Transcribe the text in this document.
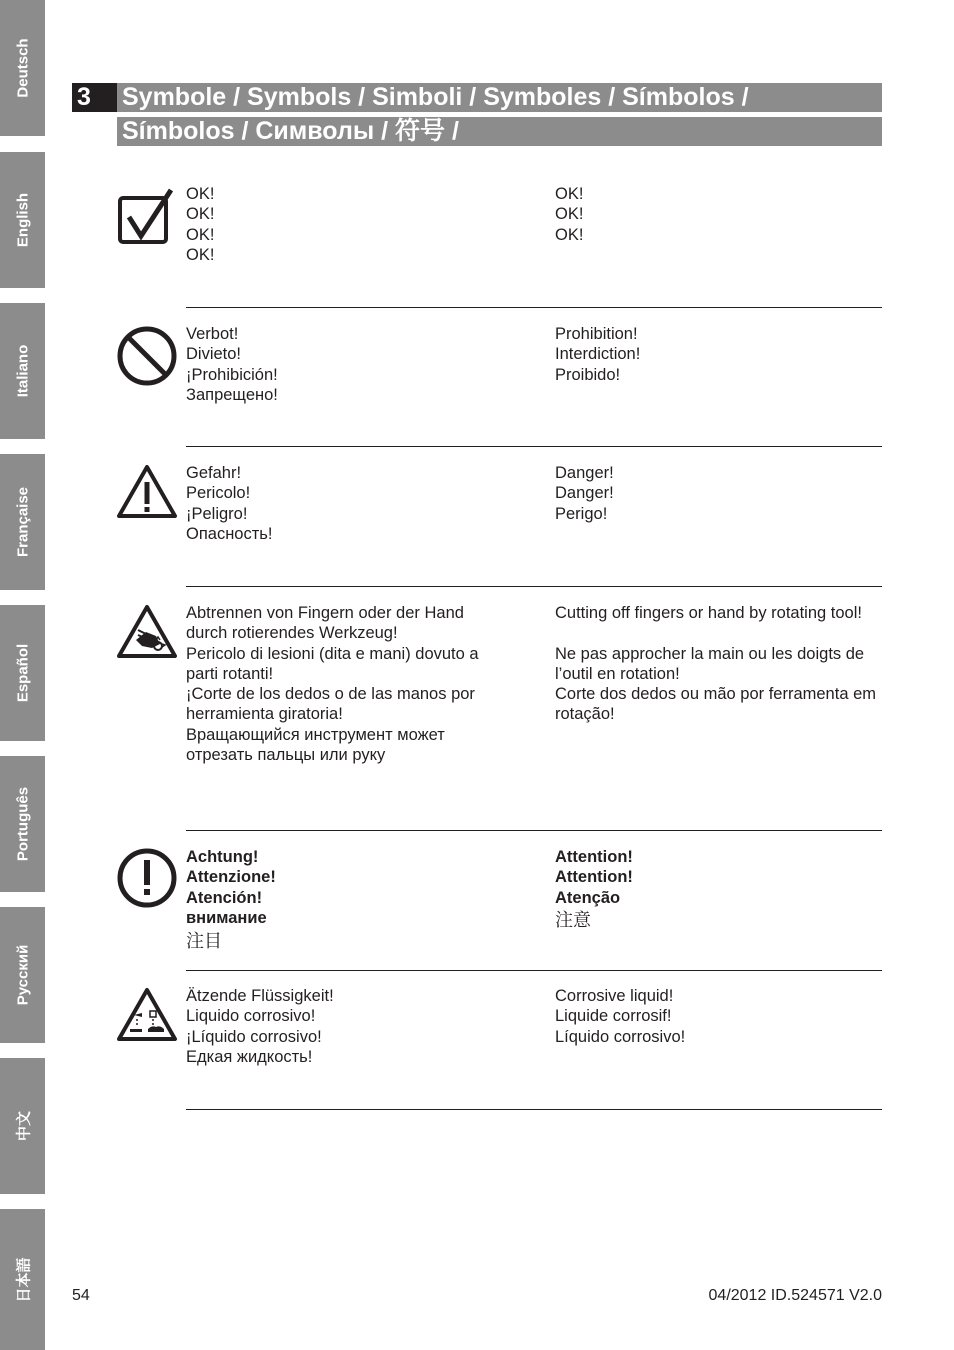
Deutsch
English
Italiano
Française
Español
Português
Русский
中文
日本語
3	Symbole / Symbols / Simboli / Symboles / Símbolos /
Símbolos / Символы / 符号 /
OK!
OK!
OK!
OK!
OK!
OK!
OK!
Verbot!
Divieto!
¡Prohibición!
Запрещено!
Prohibition!
Interdiction!
Proibido!
Gefahr!
Pericolo!
¡Peligro!
Опасность!
Danger!
Danger!
Perigo!
Abtrennen von Fingern oder der Hand durch rotierendes Werkzeug!
Pericolo di lesioni (dita e mani) dovuto a parti rotanti!
¡Corte de los dedos o de las manos por herramienta giratoria!
Вращающийся инструмент может отрезать пальцы или руку
Cutting off fingers or hand by rotating tool!
Ne pas approcher la main ou les doigts de l’outil en rotation!
Corte dos dedos ou mão por ferramenta em rotação!
Achtung!
Attenzione!
Atención!
внимание
注目
Attention!
Attention!
Atenção
注意
Ätzende Flüssigkeit!
Liquido corrosivo!
¡Líquido corrosivo!
Едкая жидкость!
Corrosive liquid!
Liquide corrosif!
Líquido corrosivo!
54	04/2012 ID.524571 V2.0
